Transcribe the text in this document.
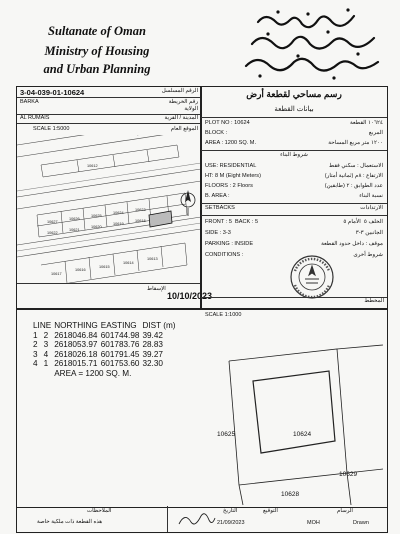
Sultanate of Oman
Ministry of Housing
and Urban Planning
3-04-039-01-10624	الرقم المسلسل
BARKA	رقم الخريطة
الولاية
AL RUMAIS	المدينة / القرية
SCALE 1:5000	الموقع العام
10627
10626
10625
10624
10623
10622
10621
10620
10619
10618
10617
10616
10615
10614
10613
10612
الإسقاط
10/10/2023
رسم مساحي لقطعة أرض
بيانات القطعة
PLOT NO : 10624	١٠٦٢٤ القطعة
BLOCK :	المربع
AREA : 1200 SQ. M.	١٢٠٠ متر مربع المساحة
شروط البناء
USE: RESIDENTIAL	الاستعمال : سكني فقط
HT: 8 M (Eight Meters)	الارتفاع : ٨م (ثمانية أمتار)
FLOORS : 2 Floors	عدد الطوابق : ٢ (طابقين)
B. AREA :	نسبة البناء
SETBACKS	الارتدادات
FRONT : 5 BACK : 5	الخلف ٥  الأمام ٥
SIDE : 3-3	الجانبين ٣-٣
PARKING : INSIDE	موقف : داخل حدود القطعة
CONDITIONS :	شروط أخرى
المخطط
SCALE 1:1000
LINE		NORTHING	EASTING	DIST (m)
1	2	2618046.84	601744.98	39.42
2	3	2618053.97	601783.76	28.83
3	4	2618026.18	601791.45	39.27
4	1	2618015.71	601753.60	32.30
		AREA = 1200 SQ. M.		
10624
10625
10629
10628
الملاحظات
هذه القطعة ذات ملكية خاصة
التاريخ	التوقيع	الرسام
21/09/2023	MOH	Drawn
